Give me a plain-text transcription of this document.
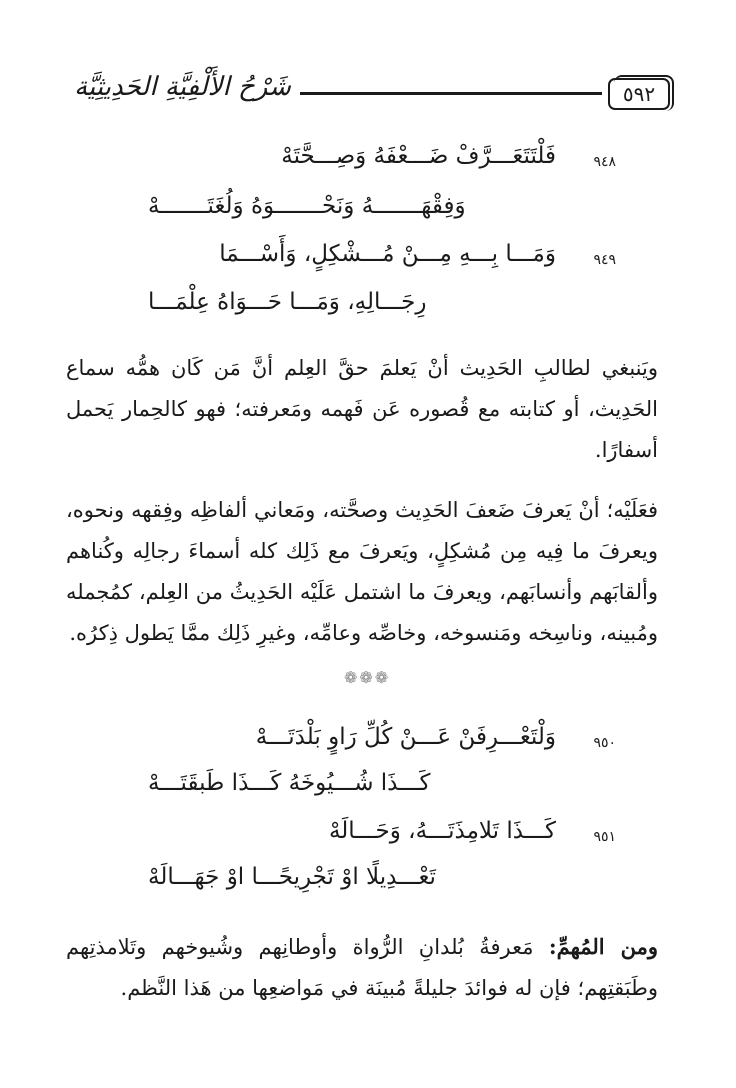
٥٩٢
شَرْحُ الأَلْفِيَّةِ الحَدِيثِيَّة
٩٤٨
فَلْتَتَعَـــرَّفْ ضَـــعْفَهُ وَصِـــحَّتَهْ
وَفِقْهَـــــــهُ وَنَحْـــــــوَهُ وَلُغَتَـــــــهْ
٩٤٩
وَمَـــا بِـــهِ مِـــنْ مُـــشْكِلٍ، وَأَسْـــمَا
رِجَـــالِهِ، وَمَـــا حَـــوَاهُ عِلْمَـــا

ويَنبغي لطالبِ الحَدِيث أنْ يَعلمَ حقَّ العِلم أنَّ مَن كَان همُّه سماع الحَدِيث، أو كتابته مع قُصوره عَن فَهمه ومَعرفته؛ فهو كالحِمار يَحمل أسفارًا.

فعَلَيْه؛ أنْ يَعرفَ ضَعفَ الحَدِيث وصحَّته، ومَعاني ألفاظِه وفِقهه ونحوه، ويعرفَ ما فِيه مِن مُشكِلٍ، ويَعرفَ مع ذَلِك كله أسماءَ رجالِه وكُناهم وألقابَهم وأنسابَهم، ويعرفَ ما اشتمل عَلَيْه الحَدِيثُ من العِلم، كمُجمله ومُبينه، وناسِخه ومَنسوخه، وخاصِّه وعامِّه، وغيرِ ذَلِك ممَّا يَطول ذِكرُه.

❁❁❁
٩٥٠
وَلْتَعْـــرِفَنْ عَـــنْ كُلِّ رَاوٍ بَلْدَتَـــهْ
كَـــذَا شُـــيُوخَهُ كَـــذَا طَبقَتَـــهْ
٩٥١
كَـــذَا تَلامِذَتَـــهُ، وَحَـــالَهْ
تَعْـــدِيلًا اوْ تَجْرِيحًـــا اوْ جَهَـــالَهْ

ومن المُهمِّ: مَعرفةُ بُلدانِ الرُّواة وأوطانِهم وشُيوخهم وتَلامذتِهم وطَبَقتِهم؛ فإن له فوائدَ جليلةً مُبينَة في مَواضعِها من هَذا النَّظم.
